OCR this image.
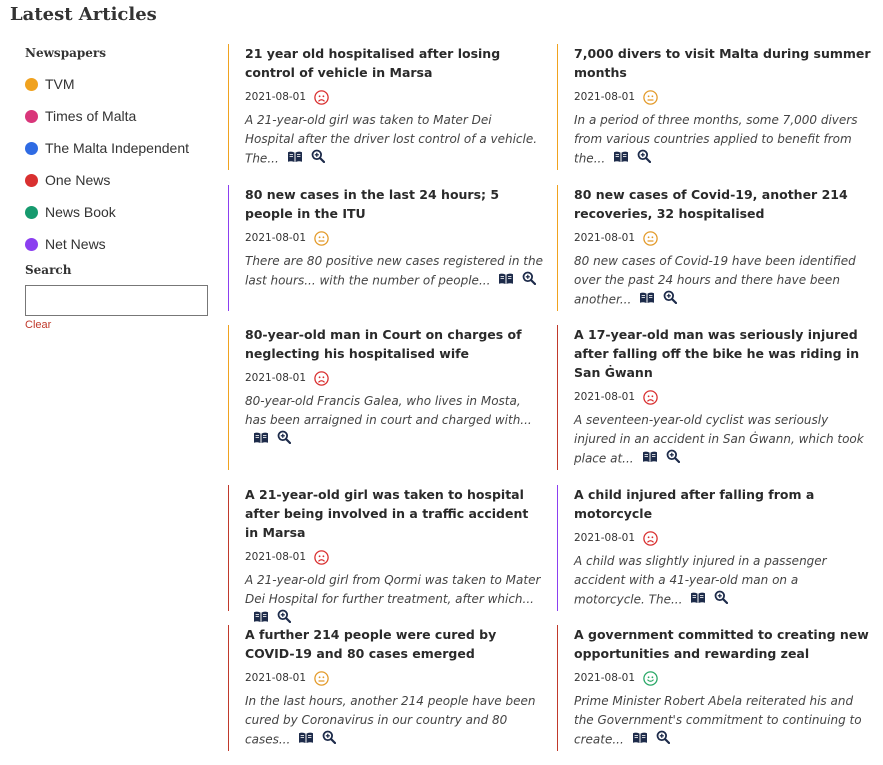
Latest Articles
Newspapers
TVM
Times of Malta
The Malta Independent
One News
News Book
Net News
Search
Clear
21 year old hospitalised after losing control of vehicle in Marsa
2021-08-01
A 21-year-old girl was taken to Mater Dei Hospital after the driver lost control of a vehicle. The...
7,000 divers to visit Malta during summer months
2021-08-01
In a period of three months, some 7,000 divers from various countries applied to benefit from the...
80 new cases in the last 24 hours; 5 people in the ITU
2021-08-01
There are 80 positive new cases registered in the last hours... with the number of people...
80 new cases of Covid-19, another 214 recoveries, 32 hospitalised
2021-08-01
80 new cases of Covid-19 have been identified over the past 24 hours and there have been another...
80-year-old man in Court on charges of neglecting his hospitalised wife
2021-08-01
80-year-old Francis Galea, who lives in Mosta, has been arraigned in court and charged with...
A 17-year-old man was seriously injured after falling off the bike he was riding in San Ġwann
2021-08-01
A seventeen-year-old cyclist was seriously injured in an accident in San Ġwann, which took place at...
A 21-year-old girl was taken to hospital after being involved in a traffic accident in Marsa
2021-08-01
A 21-year-old girl from Qormi was taken to Mater Dei Hospital for further treatment, after which...
A child injured after falling from a motorcycle
2021-08-01
A child was slightly injured in a passenger accident with a 41-year-old man on a motorcycle. The...
A further 214 people were cured by COVID-19 and 80 cases emerged
2021-08-01
In the last hours, another 214 people have been cured by Coronavirus in our country and 80 cases...
A government committed to creating new opportunities and rewarding zeal
2021-08-01
Prime Minister Robert Abela reiterated his and the Government's commitment to continuing to create...
